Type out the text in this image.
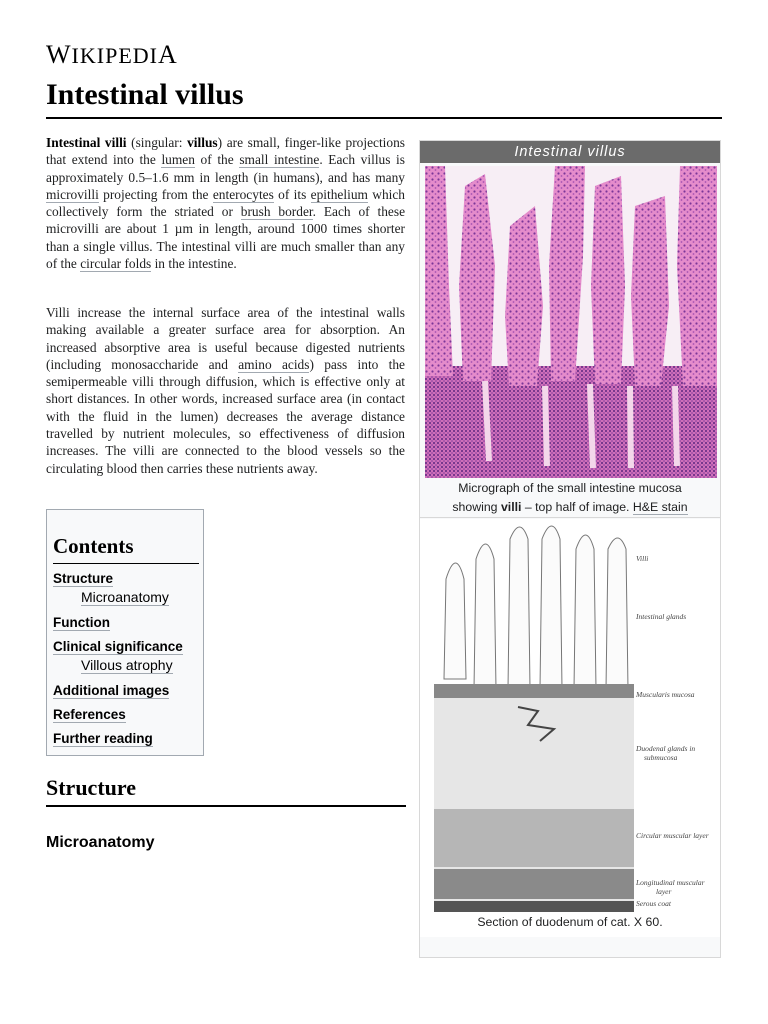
WIKIPEDIA
Intestinal villus

Intestinal villi (singular: villus) are small, finger-like projections that extend into the lumen of the small intestine. Each villus is approximately 0.5–1.6 mm in length (in humans), and has many microvilli projecting from the enterocytes of its epithelium which collectively form the striated or brush border. Each of these microvilli are about 1 µm in length, around 1000 times shorter than a single villus. The intestinal villi are much smaller than any of the circular folds in the intestine.

Villi increase the internal surface area of the intestinal walls making available a greater surface area for absorption. An increased absorptive area is useful because digested nutrients (including monosaccharide and amino acids) pass into the semipermeable villi through diffusion, which is effective only at short distances. In other words, increased surface area (in contact with the fluid in the lumen) decreases the average distance travelled by nutrient molecules, so effectiveness of diffusion increases. The villi are connected to the blood vessels so the circulating blood then carries these nutrients away.

Contents
Structure
Microanatomy
Function
Clinical significance
Villous atrophy
Additional images
References
Further reading
Structure
Microanatomy
Intestinal villus
Micrograph of the small intestine mucosa
showing villi – top half of image. H&E stain
Villi
Intestinal glands
Muscularis mucosa
Duodenal glands in
submucosa
Circular muscular layer
Longitudinal muscular
layer
Serous coat
Section of duodenum of cat. X 60.
